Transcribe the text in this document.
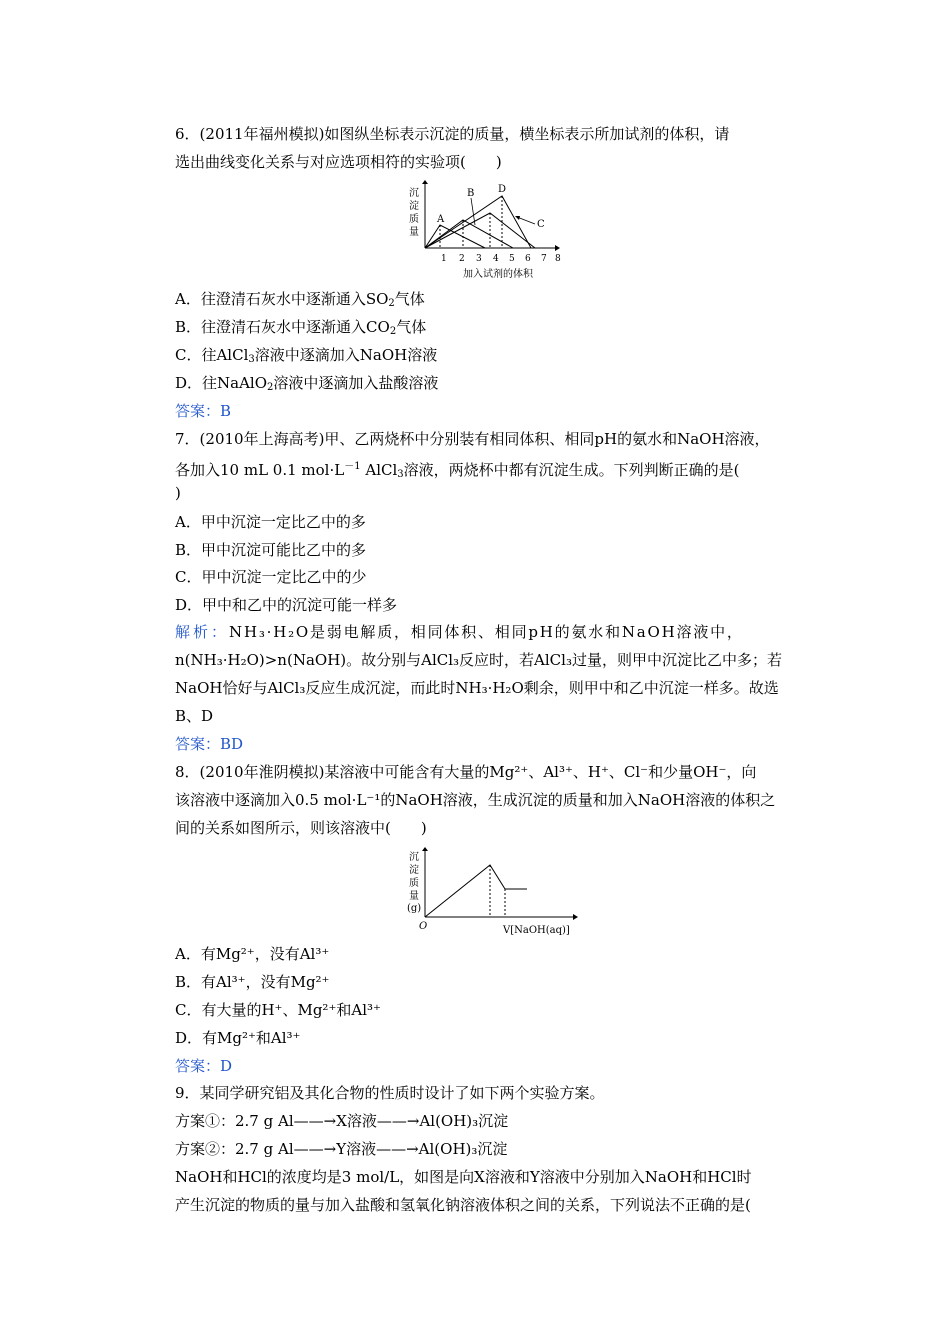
6．(2011年福州模拟)如图纵坐标表示沉淀的质量，横坐标表示所加试剂的体积，请
选出曲线变化关系与对应选项相符的实验项(　　)
沉
淀
质
量
A
B
C
D
1 2 3 4 5 6 7 8
加入试剂的体积
A．往澄清石灰水中逐渐通入$SO_2$气体
B．往澄清石灰水中逐渐通入$CO_2$气体
C．往AlCl$_3$溶液中逐滴加入NaOH溶液
D．往NaAlO$_2$溶液中逐滴加入盐酸溶液
答案：B
7．(2010年上海高考)甲、乙两烧杯中分别装有相同体积、相同pH的氨水和NaOH溶液，
各加入10 mL 0.1 $mol\cdot L^{-1}$ AlCl$_3$溶液，两烧杯中都有沉淀生成。下列判断正确的是(
)
A．甲中沉淀一定比乙中的多
B．甲中沉淀可能比乙中的多
C．甲中沉淀一定比乙中的少
D．甲中和乙中的沉淀可能一样多
解析：NH₃·H₂O是弱电解质，相同体积、相同pH的氨水和NaOH溶液中，
n(NH₃·H₂O)>n(NaOH)。故分别与AlCl₃反应时，若AlCl₃过量，则甲中沉淀比乙中多；若
NaOH恰好与AlCl₃反应生成沉淀，而此时NH₃·H₂O剩余，则甲中和乙中沉淀一样多。故选
B、D
答案：BD
8．(2010年淮阴模拟)某溶液中可能含有大量的Mg²⁺、Al³⁺、H⁺、Cl⁻和少量OH⁻，向
该溶液中逐滴加入0.5 mol·L⁻¹的NaOH溶液，生成沉淀的质量和加入NaOH溶液的体积之
间的关系如图所示，则该溶液中(　　)
沉
淀
质
量
(g)
O	V[NaOH(aq)]
A．有Mg²⁺，没有Al³⁺
B．有Al³⁺，没有Mg²⁺
C．有大量的H⁺、Mg²⁺和Al³⁺
D．有Mg²⁺和Al³⁺
答案：D
9．某同学研究铝及其化合物的性质时设计了如下两个实验方案。
方案①：2.7 g Al——→X溶液——→Al(OH)₃沉淀
方案②：2.7 g Al——→Y溶液——→Al(OH)₃沉淀
NaOH和HCl的浓度均是3 mol/L，如图是向X溶液和Y溶液中分别加入NaOH和HCl时
产生沉淀的物质的量与加入盐酸和氢氧化钠溶液体积之间的关系，下列说法不正确的是(
